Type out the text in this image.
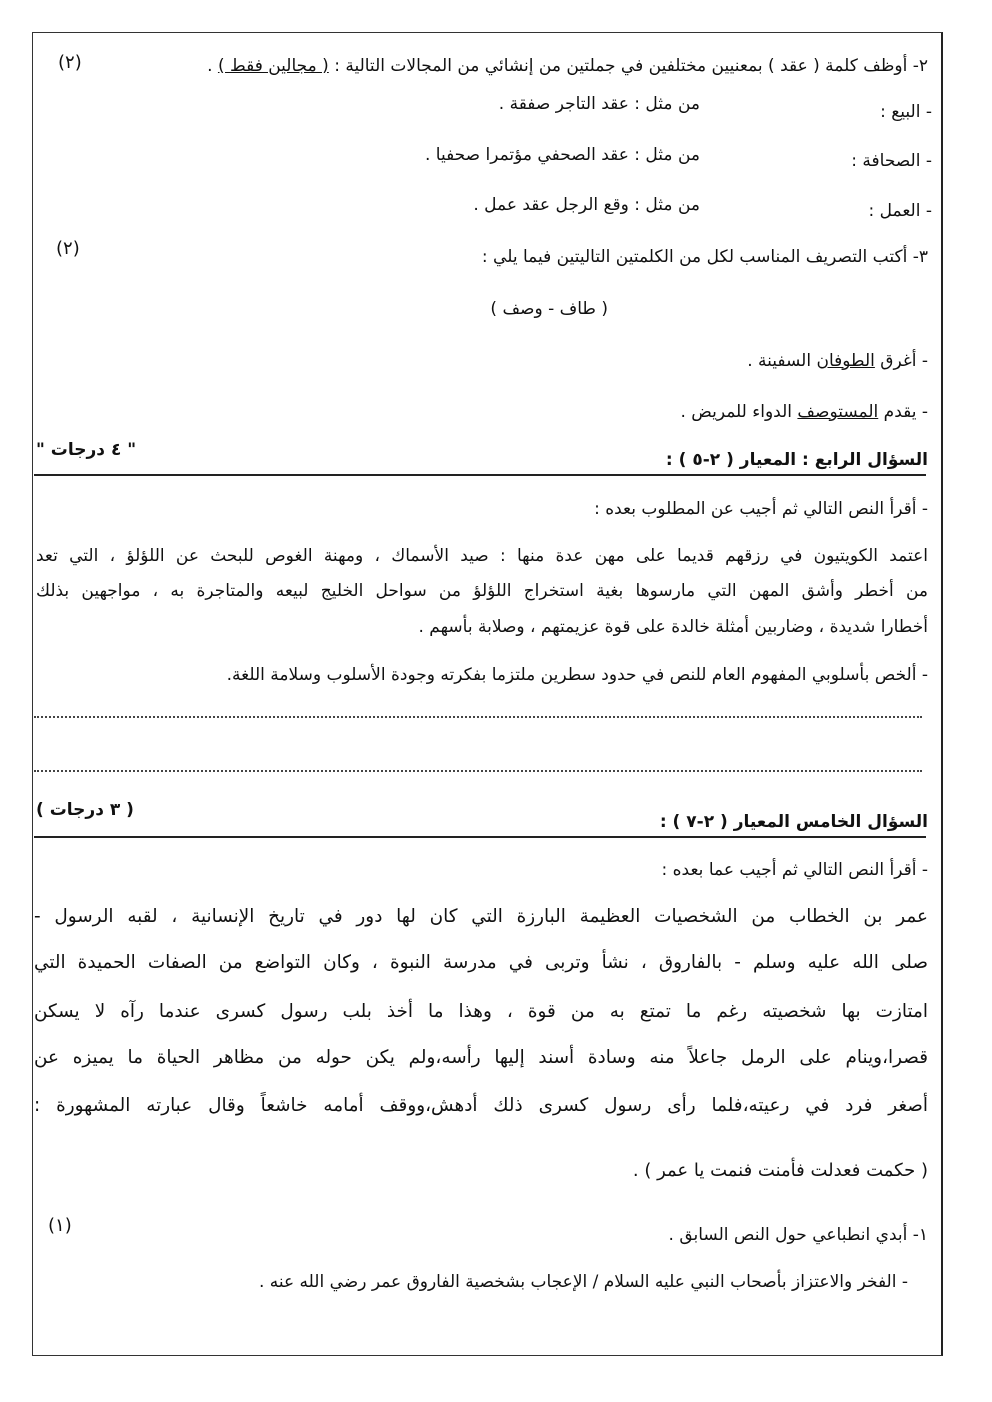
٢- أوظف كلمة ( عقد ) بمعنيين مختلفين في جملتين من إنشائي من المجالات التالية : ( مجالين فقط ) .
(٢)
- البيع :
من مثل : عقد التاجر صفقة .
- الصحافة :
من مثل : عقد الصحفي مؤتمرا صحفيا .
- العمل :
من مثل : وقع الرجل عقد عمل .
٣- أكتب التصريف المناسب لكل من الكلمتين التاليتين فيما يلي :
(٢)
( طاف - وصف )
- أغرق الطوفان السفينة .
- يقدم المستوصف الدواء للمريض .
السؤال الرابع : المعيار ( ٢-٥ ) :
" ٤ درجات "
- أقرأ النص التالي ثم أجيب عن المطلوب بعده :
اعتمد الكويتيون في رزقهم قديما على مهن عدة منها : صيد الأسماك ، ومهنة الغوص للبحث عن اللؤلؤ ، التي تعد
من أخطر وأشق المهن التي مارسوها بغية استخراج اللؤلؤ من سواحل الخليج لبيعه والمتاجرة به ، مواجهين بذلك
أخطارا شديدة ، وضاربين أمثلة خالدة على قوة عزيمتهم ، وصلابة بأسهم .
- ألخص بأسلوبي المفهوم العام للنص في حدود سطرين ملتزما بفكرته وجودة الأسلوب وسلامة اللغة.
السؤال الخامس المعيار ( ٢-٧ ) :
( ٣ درجات )
- أقرأ النص التالي ثم أجيب عما بعده :
عمر بن الخطاب من الشخصيات العظيمة البارزة التي كان لها دور في تاريخ الإنسانية ، لقبه الرسول -
صلى الله عليه وسلم - بالفاروق ، نشأ وتربى في مدرسة النبوة ، وكان التواضع من الصفات الحميدة التي
امتازت بها شخصيته رغم ما تمتع به من قوة ، وهذا ما أخذ بلب رسول كسرى عندما رآه لا يسكن
قصرا،وينام على الرمل جاعلاً منه وسادة أسند إليها رأسه،ولم يكن حوله من مظاهر الحياة ما يميزه عن
أصغر فرد في رعيته،فلما رأى رسول كسرى ذلك أدهش،ووقف أمامه خاشعاً وقال عبارته المشهورة :
( حكمت فعدلت فأمنت فنمت يا عمر ) .
١- أبدي انطباعي حول النص السابق .
(١)
- الفخر والاعتزاز بأصحاب النبي عليه السلام / الإعجاب بشخصية الفاروق عمر رضي الله عنه .
